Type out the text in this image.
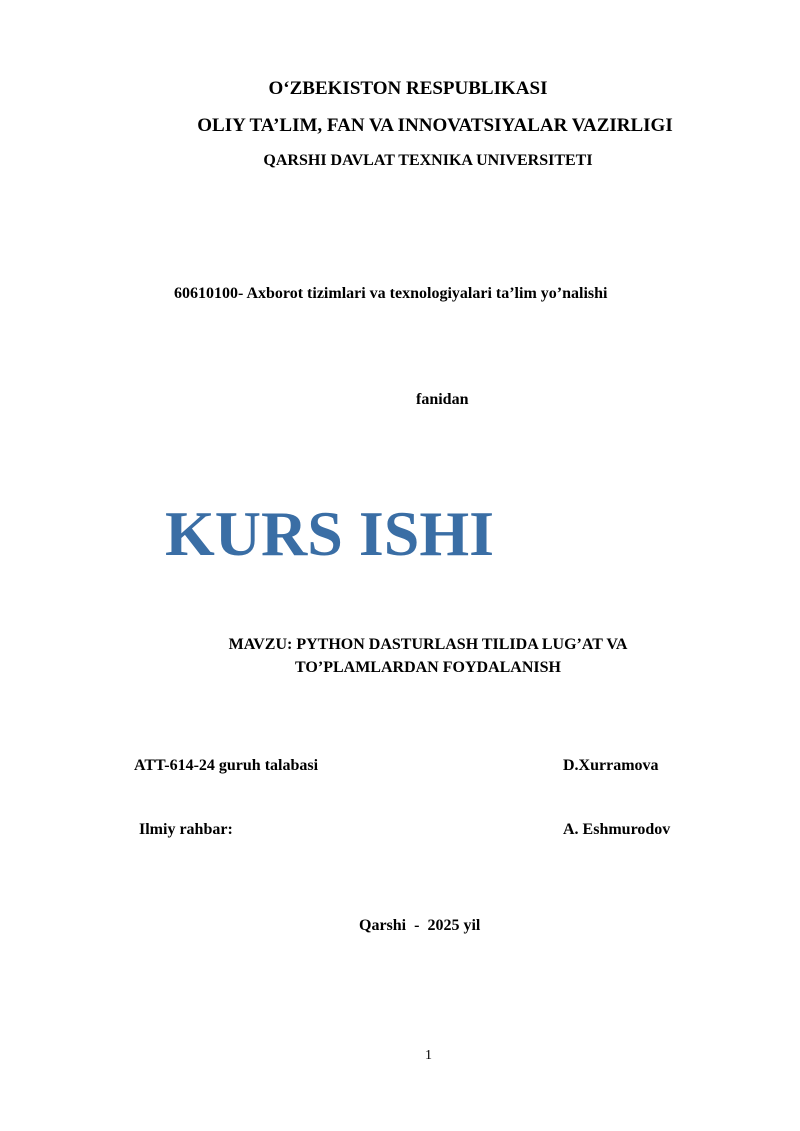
O‘ZBEKISTON RESPUBLIKASI
OLIY TA’LIM, FAN VA INNOVATSIYALAR VAZIRLIGI
QARSHI DAVLAT TEXNIKA UNIVERSITETI
60610100- Axborot tizimlari va texnologiyalari ta’lim yo’nalishi
fanidan
KURS ISHI
MAVZU: PYTHON DASTURLASH TILIDA LUG’AT VA
TO’PLAMLARDAN FOYDALANISH
ATT-614-24 guruh talabasi	D.Xurramova
Ilmiy rahbar:	A. Eshmurodov
Qarshi  -  2025 yil
1
